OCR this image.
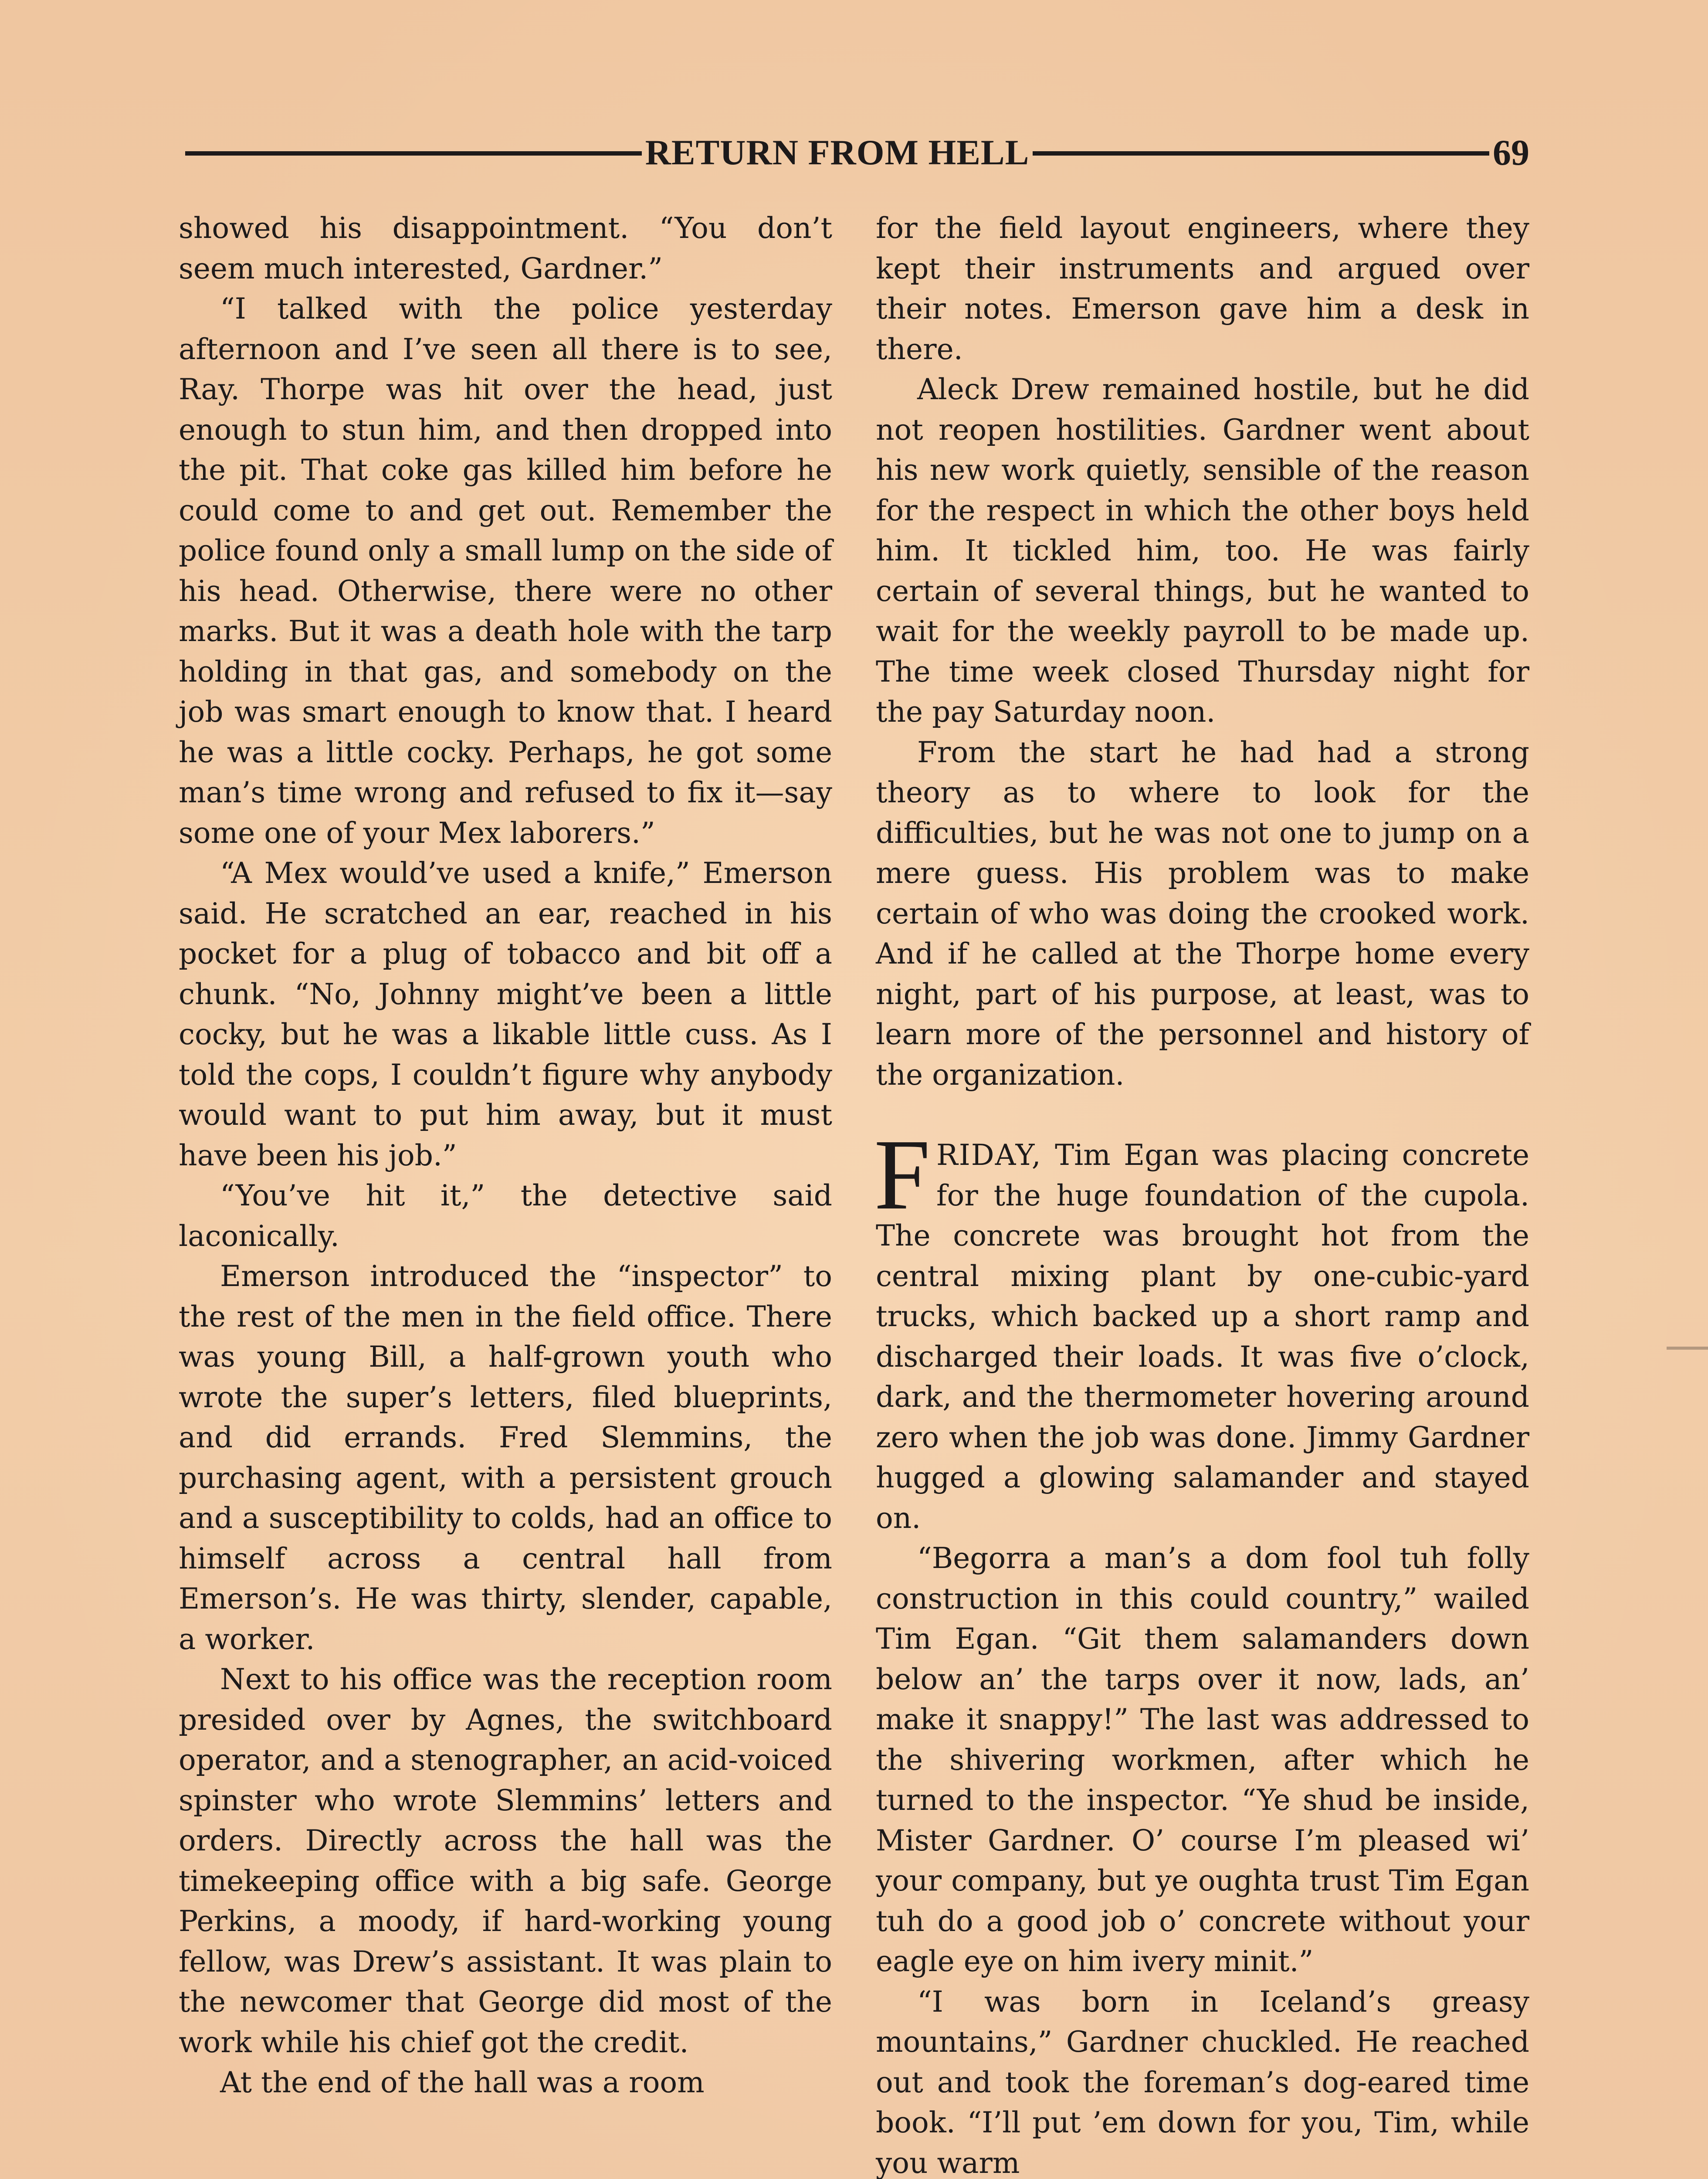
RETURN FROM HELL	69

showed his disappointment. “You don’t seem much interested, Gardner.”

“I talked with the police yesterday afternoon and I’ve seen all there is to see, Ray. Thorpe was hit over the head, just enough to stun him, and then dropped into the pit. That coke gas killed him before he could come to and get out. Remember the police found only a small lump on the side of his head. Otherwise, there were no other marks. But it was a death hole with the tarp holding in that gas, and somebody on the job was smart enough to know that. I heard he was a little cocky. Perhaps, he got some man’s time wrong and refused to fix it—say some one of your Mex laborers.”

“A Mex would’ve used a knife,” Emerson said. He scratched an ear, reached in his pocket for a plug of tobacco and bit off a chunk. “No, Johnny might’ve been a little cocky, but he was a likable little cuss. As I told the cops, I couldn’t figure why anybody would want to put him away, but it must have been his job.”

“You’ve hit it,” the detective said laconically.

Emerson introduced the “inspector” to the rest of the men in the field office. There was young Bill, a half-grown youth who wrote the super’s letters, filed blueprints, and did errands. Fred Slemmins, the purchasing agent, with a persistent grouch and a susceptibility to colds, had an office to himself across a central hall from Emerson’s. He was thirty, slender, capable, a worker.

Next to his office was the reception room presided over by Agnes, the switchboard operator, and a stenographer, an acid-voiced spinster who wrote Slemmins’ letters and orders. Directly across the hall was the timekeeping office with a big safe. George Perkins, a moody, if hard-working young fellow, was Drew’s assistant. It was plain to the newcomer that George did most of the work while his chief got the credit.

At the end of the hall was a room

for the field layout engineers, where they kept their instruments and argued over their notes. Emerson gave him a desk in there.

Aleck Drew remained hostile, but he did not reopen hostilities. Gardner went about his new work quietly, sensible of the reason for the respect in which the other boys held him. It tickled him, too. He was fairly certain of several things, but he wanted to wait for the weekly payroll to be made up. The time week closed Thursday night for the pay Saturday noon.

From the start he had had a strong theory as to where to look for the difficulties, but he was not one to jump on a mere guess. His problem was to make certain of who was doing the crooked work. And if he called at the Thorpe home every night, part of his purpose, at least, was to learn more of the personnel and history of the organization.

FRIDAY, Tim Egan was placing concrete for the huge foundation of the cupola. The concrete was brought hot from the central mixing plant by one-cubic-yard trucks, which backed up a short ramp and discharged their loads. It was five o’clock, dark, and the thermometer hovering around zero when the job was done. Jimmy Gardner hugged a glowing salamander and stayed on.

“Begorra a man’s a dom fool tuh folly construction in this could country,” wailed Tim Egan. “Git them salamanders down below an’ the tarps over it now, lads, an’ make it snappy!” The last was addressed to the shivering workmen, after which he turned to the inspector. “Ye shud be inside, Mister Gardner. O’ course I’m pleased wi’ your company, but ye oughta trust Tim Egan tuh do a good job o’ concrete without your eagle eye on him ivery minit.”

“I was born in Iceland’s greasy mountains,” Gardner chuckled. He reached out and took the foreman’s dog-eared time book. “I’ll put ’em down for you, Tim, while you warm
